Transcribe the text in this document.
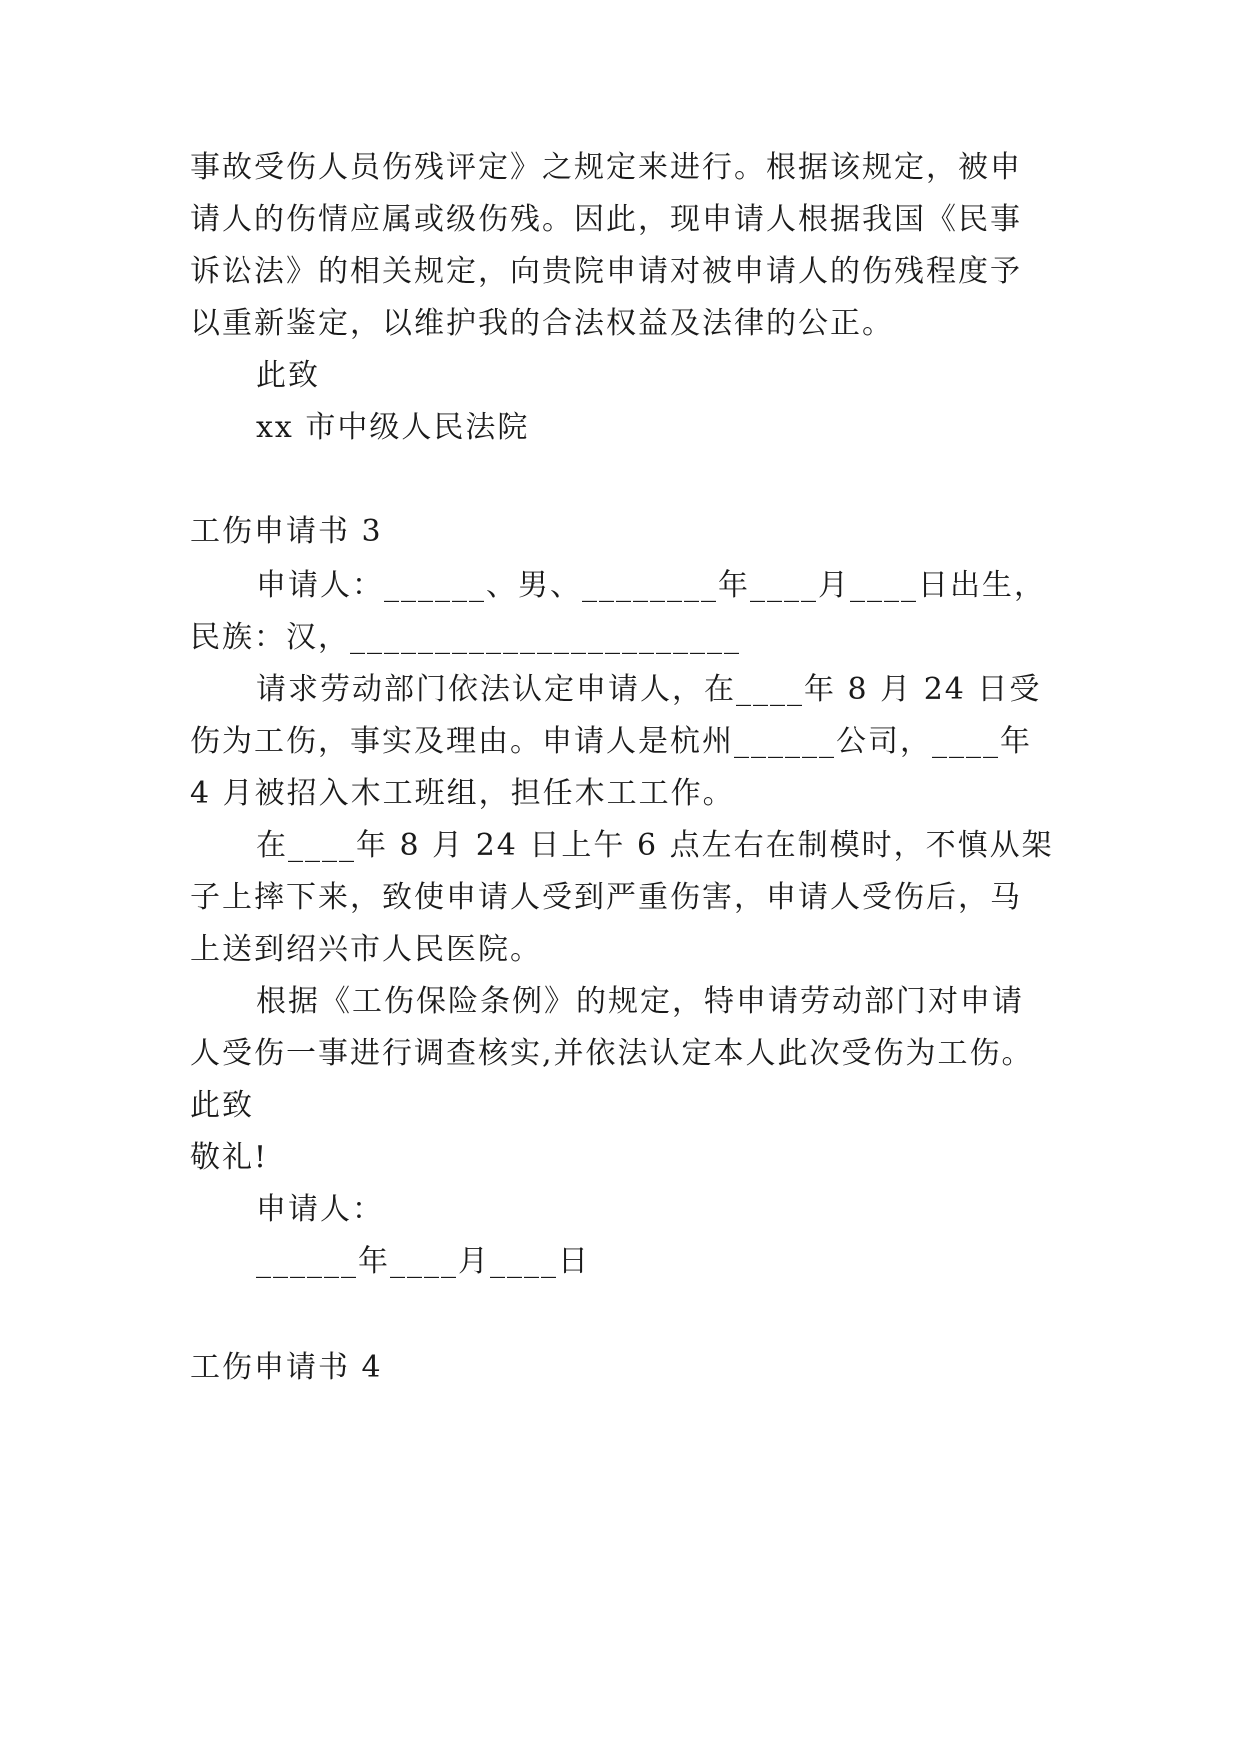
事故受伤人员伤残评定》之规定来进行。根据该规定，被申
请人的伤情应属或级伤残。因此，现申请人根据我国《民事
诉讼法》的相关规定，向贵院申请对被申请人的伤残程度予
以重新鉴定，以维护我的合法权益及法律的公正。
此致
xx 市中级人民法院
工伤申请书 3
申请人：______、男、________年____月____日出生，
民族：汉，_______________________
请求劳动部门依法认定申请人，在____年 8 月 24 日受
伤为工伤，事实及理由。申请人是杭州______公司，____年
4 月被招入木工班组，担任木工工作。
在____年 8 月 24 日上午 6 点左右在制模时，不慎从架
子上摔下来，致使申请人受到严重伤害，申请人受伤后，马
上送到绍兴市人民医院。
根据《工伤保险条例》的规定，特申请劳动部门对申请
人受伤一事进行调查核实,并依法认定本人此次受伤为工伤。
此致
敬礼!
申请人：
______年____月____日
工伤申请书 4
